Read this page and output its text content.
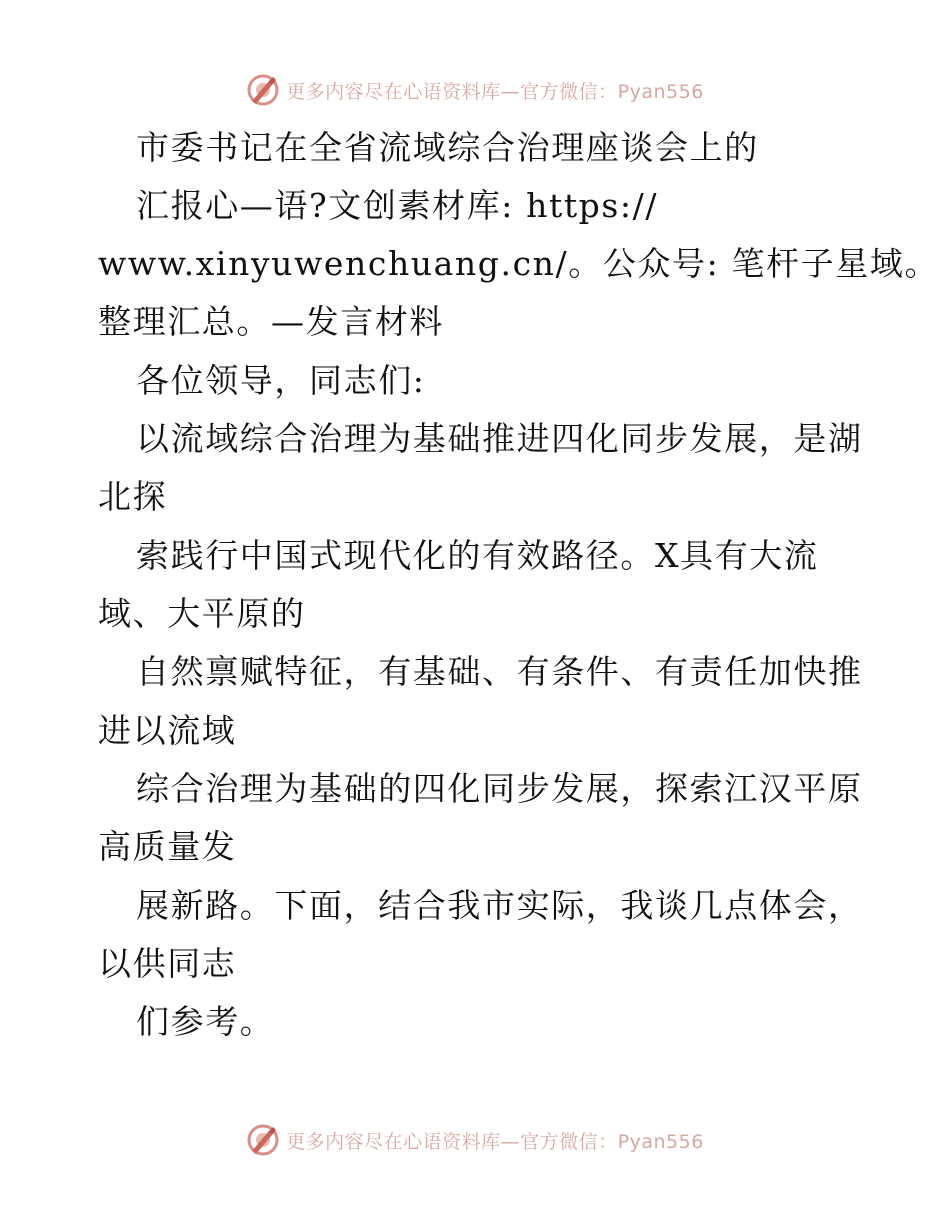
更多内容尽在心语资料库—官方微信：Pyan556
市委书记在全省流域综合治理座谈会上的
汇报心—语?文创素材库: https://
www.xinyuwenchuang.cn/。公众号: 笔杆子星域。
整理汇总。—发言材料
各位领导，同志们:
以流域综合治理为基础推进四化同步发展，是湖
北探
索践行中国式现代化的有效路径。X具有大流
域、大平原的
自然禀赋特征，有基础、有条件、有责任加快推
进以流域
综合治理为基础的四化同步发展，探索江汉平原
高质量发
展新路。下面，结合我市实际，我谈几点体会，
以供同志
们参考。
更多内容尽在心语资料库—官方微信：Pyan556
